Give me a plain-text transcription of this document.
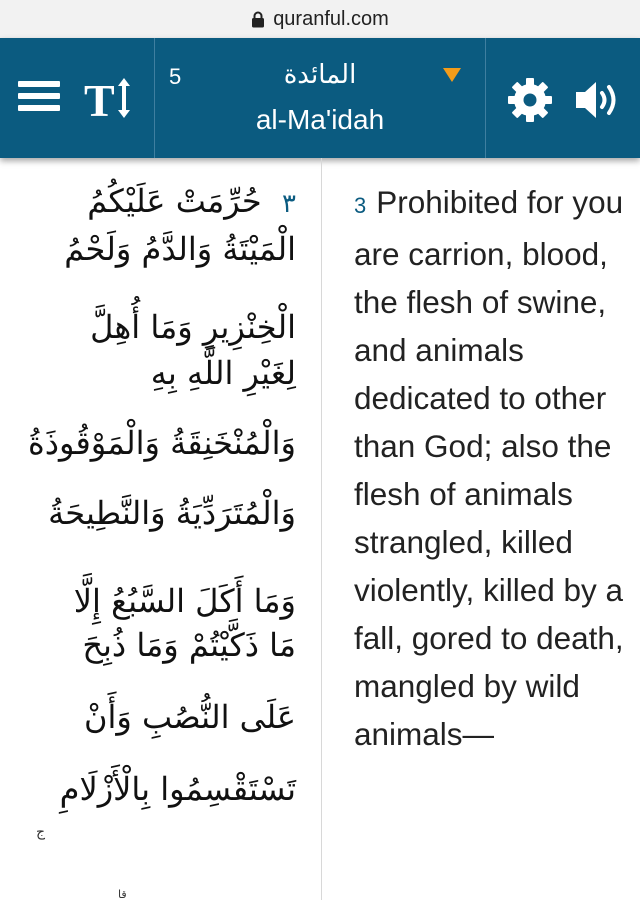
quranful.com
T 5	المائدة
al-Ma'idah
٣  حُرِّمَتْ عَلَيْكُمُ
الْمَيْتَةُ وَالدَّمُ وَلَحْمُ
الْخِنْزِيرِ وَمَا أُهِلَّ
لِغَيْرِ اللَّهِ بِهِ
وَالْمُنْخَنِقَةُ وَالْمَوْقُوذَةُ
وَالْمُتَرَدِّيَةُ وَالنَّطِيحَةُ
وَمَا أَكَلَ السَّبُعُ إِلَّا
مَا ذَكَّيْتُمْ وَمَا ذُبِحَ
عَلَى النُّصُبِ وَأَنْ
تَسْتَقْسِمُوا بِالْأَزْلَامِ
ج
قا
3 Prohibited for you are carrion, blood, the flesh of swine, and animals dedicated to other than God; also the flesh of animals strangled, killed violently, killed by a fall, gored to death, mangled by wild animals—
